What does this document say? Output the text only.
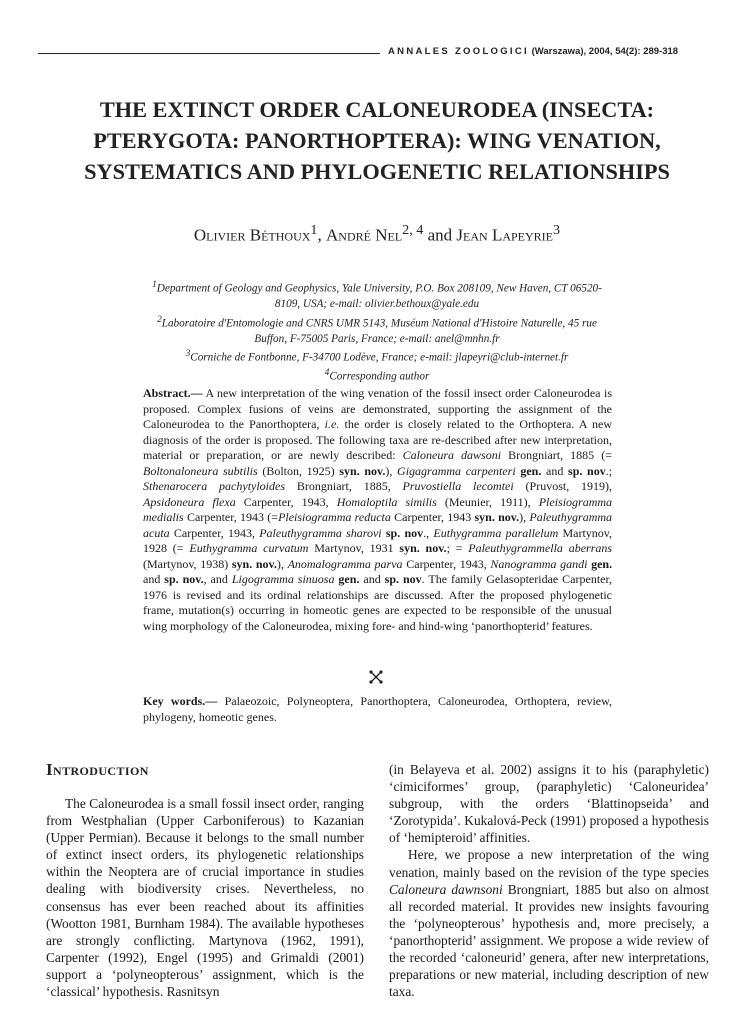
ANNALES ZOOLOGICI (Warszawa), 2004, 54(2): 289-318
THE EXTINCT ORDER CALONEURODEA (INSECTA:
PTERYGOTA: PANORTHOPTERA): WING VENATION,
SYSTEMATICS AND PHYLOGENETIC RELATIONSHIPS
Olivier Béthoux$^1$, André Nel$^{2, 4}$ and Jean Lapeyrie$^3$

$^1$Department of Geology and Geophysics, Yale University, P.O. Box 208109, New Haven, CT 06520-8109, USA; e-mail: olivier.bethoux@yale.edu

$^2$Laboratoire d'Entomologie and CNRS UMR 5143, Muséum National d'Histoire Naturelle, 45 rue Buffon, F-75005 Paris, France; e-mail: anel@mnhn.fr

$^3$Corniche de Fontbonne, F-34700 Lodève, France; e-mail: jlapeyri@club-internet.fr

$^4$Corresponding author

Abstract.— A new interpretation of the wing venation of the fossil insect order Caloneurodea is proposed. Complex fusions of veins are demonstrated, supporting the assignment of the Caloneurodea to the Panorthoptera, i.e. the order is closely related to the Orthoptera. A new diagnosis of the order is proposed. The following taxa are re-described after new interpretation, material or preparation, or are newly described: Caloneura dawsoni Brongniart, 1885 (= Boltonaloneura subtilis (Bolton, 1925) syn. nov.), Gigagramma carpenteri gen. and sp. nov.; Sthenarocera pachytyloides Brongniart, 1885, Pruvostiella lecomtei (Pruvost, 1919), Apsidoneura flexa Carpenter, 1943, Homaloptila similis (Meunier, 1911), Pleisiogramma medialis Carpenter, 1943 (=Pleisiogramma reducta Carpenter, 1943 syn. nov.), Paleuthygramma acuta Carpenter, 1943, Paleuthygramma sharovi sp. nov., Euthygramma parallelum Martynov, 1928 (= Euthygramma curvatum Martynov, 1931 syn. nov.; = Paleuthygrammella aberrans (Martynov, 1938) syn. nov.), Anomalogramma parva Carpenter, 1943, Nanogramma gandi gen. and sp. nov., and Ligogramma sinuosa gen. and sp. nov. The family Gelasopteridae Carpenter, 1976 is revised and its ordinal relationships are discussed. After the proposed phylogenetic frame, mutation(s) occurring in homeotic genes are expected to be responsible of the unusual wing morphology of the Caloneurodea, mixing fore- and hind-wing ‘panorthopterid’ features.

Key words.— Palaeozoic, Polyneoptera, Panorthoptera, Caloneurodea, Orthoptera, review, phylogeny, homeotic genes.

Introduction

The Caloneurodea is a small fossil insect order, ranging from Westphalian (Upper Carboniferous) to Kazanian (Upper Permian). Because it belongs to the small number of extinct insect orders, its phylogenetic relationships within the Neoptera are of crucial importance in studies dealing with biodiversity crises. Nevertheless, no consensus has ever been reached about its affinities (Wootton 1981, Burnham 1984). The available hypotheses are strongly conflicting. Martynova (1962, 1991), Carpenter (1992), Engel (1995) and Grimaldi (2001) support a ‘polyneopterous’ assignment, which is the ‘classical’ hypothesis. Rasnitsyn

(in Belayeva et al. 2002) assigns it to his (paraphyletic) ‘cimiciformes’ group, (paraphyletic) ‘Caloneuridea’ subgroup, with the orders ‘Blattinopseida’ and ‘Zorotypida’. Kukalová-Peck (1991) proposed a hypothesis of ‘hemipteroid’ affinities.

Here, we propose a new interpretation of the wing venation, mainly based on the revision of the type species Caloneura dawnsoni Brongniart, 1885 but also on almost all recorded material. It provides new insights favouring the ‘polyneopterous’ hypothesis and, more precisely, a ‘panorthopterid’ assignment. We propose a wide review of the recorded ‘caloneurid’ genera, after new interpretations, preparations or new material, including description of new taxa.
